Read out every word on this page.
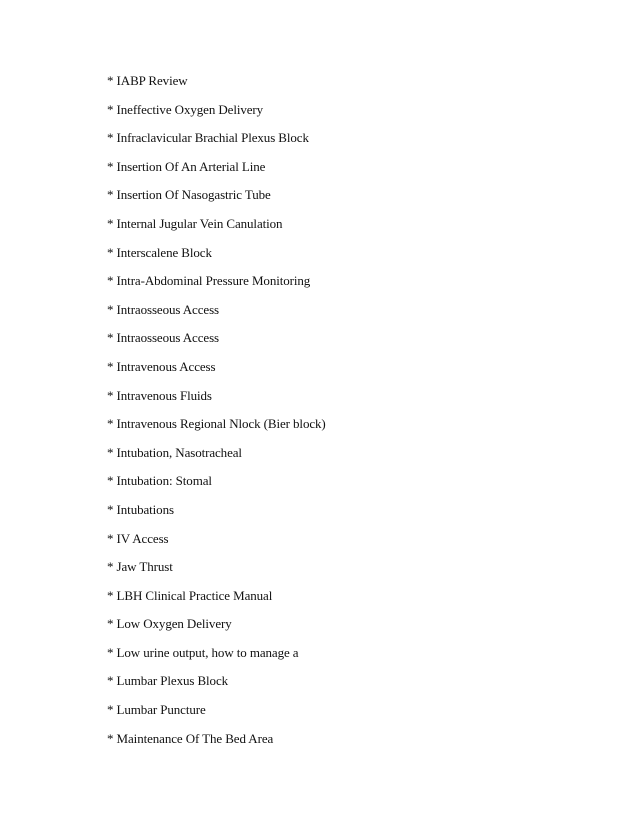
* IABP Review
* Ineffective Oxygen Delivery
* Infraclavicular Brachial Plexus Block
* Insertion Of An Arterial Line
* Insertion Of Nasogastric Tube
* Internal Jugular Vein Canulation
* Interscalene Block
* Intra-Abdominal Pressure Monitoring
* Intraosseous Access
* Intraosseous Access
* Intravenous Access
* Intravenous Fluids
* Intravenous Regional Nlock (Bier block)
* Intubation, Nasotracheal
* Intubation: Stomal
* Intubations
* IV Access
* Jaw Thrust
* LBH Clinical Practice Manual
* Low Oxygen Delivery
* Low urine output, how to manage a
* Lumbar Plexus Block
* Lumbar Puncture
* Maintenance Of The Bed Area
